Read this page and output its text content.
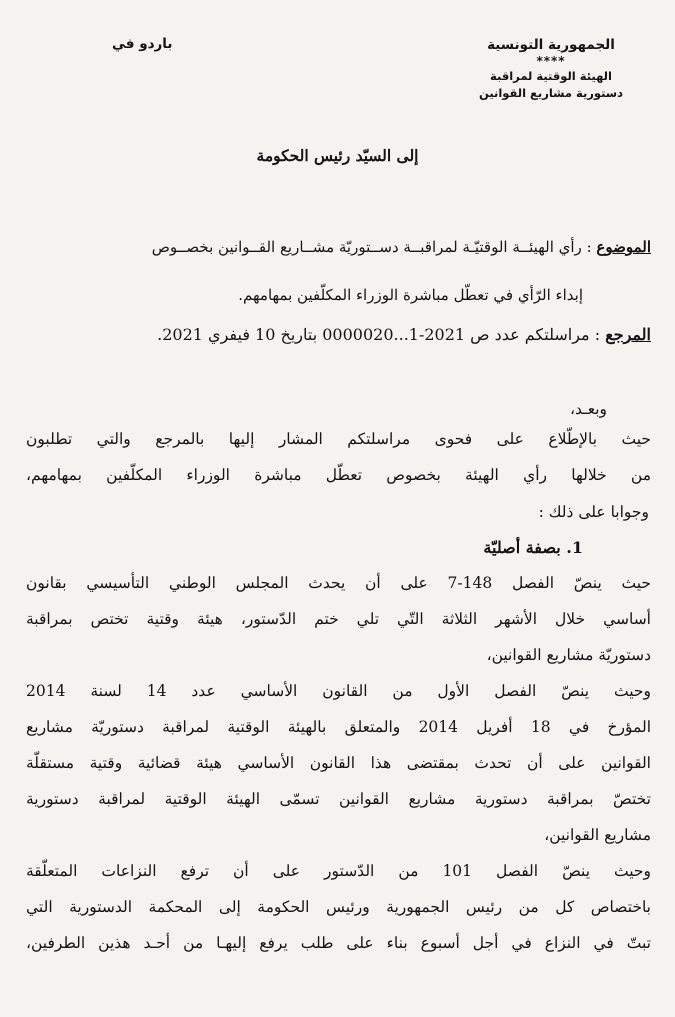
الجمهورية التونسية
****
الهيئة الوقتية لمراقبة
دستورية مشاريع القوانين
باردو في
إلى السيّد رئيس الحكومة
الموضوع : رأي الهيئــة الوقتيّـة لمراقبــة دســتوريّة مشــاريع القــوانين بخصــوص
إبداء الرّأي في تعطّل مباشرة الوزراء المكلّفين بمهامهم.
المرجع : مراسلتكم عدد ص 2021-1...0000020 بتاريخ 10 فيفري 2021.
وبعـد،
حيث بالإطّلاع على فحوى مراسلتكم المشار إليها بالمرجع والتي تطلبون
من خلالها رأي الهيئة بخصوص تعطّل مباشرة الوزراء المكلّفين بمهامهم،
وجوابا على ذلك :
1. بصفة أصليّة
حيث ينصّ الفصل 148-7 على أن يحدث المجلس الوطني التأسيسي بقانون
أساسي خلال الأشهر الثلاثة التّي تلي ختم الدّستور، هيئة وقتية تختص بمراقبة
دستوريّة مشاريع القوانين،
وحيث ينصّ الفصل الأول من القانون الأساسي عدد 14 لسنة 2014
المؤرخ في 18 أفريل 2014 والمتعلق بالهيئة الوقتية لمراقبة دستوريّة مشاريع
القوانين على أن تحدث بمقتضى هذا القانون الأساسي هيئة قضائية وقتية مستقلّة
تختصّ بمراقبة دستورية مشاريع القوانين تسمّى الهيئة الوقتية لمراقبة دستورية
مشاريع القوانين،
وحيث ينصّ الفصل 101 من الدّستور على أن ترفع النزاعات المتعلّقة
باختصاص كل من رئيس الجمهورية ورئيس الحكومة إلى المحكمة الدستورية التي
تبتّ في النزاع في أجل أسبوع بناء على طلب يرفع إليهـا من أحـد هذين الطرفين،
